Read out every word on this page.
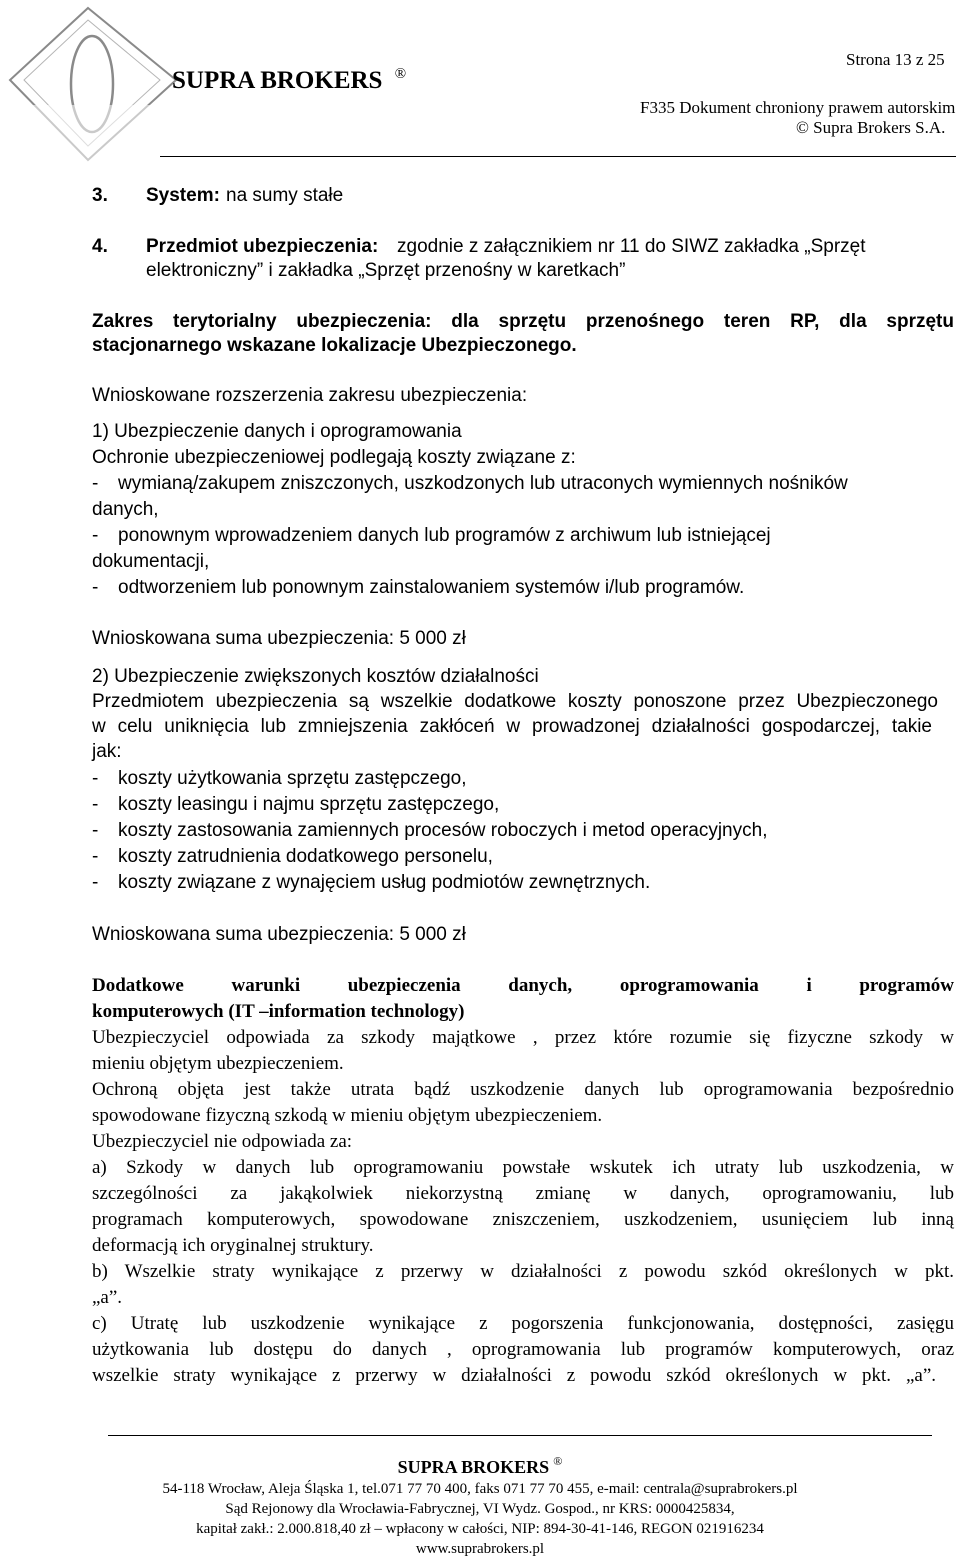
Strona 13 z 25
SUPRA BROKERS ®
F335 Dokument chroniony prawem autorskim
© Supra Brokers S.A.
3. System: na sumy stałe
4. Przedmiot ubezpieczenia: zgodnie z załącznikiem nr 11 do SIWZ zakładka „Sprzęt
elektroniczny” i zakładka „Sprzęt przenośny w karetkach”
Zakres terytorialny ubezpieczenia: dla sprzętu przenośnego teren RP, dla sprzętu
stacjonarnego wskazane lokalizacje Ubezpieczonego.
Wnioskowane rozszerzenia zakresu ubezpieczenia:
1) Ubezpieczenie danych i oprogramowania
Ochronie ubezpieczeniowej podlegają koszty związane z:
- wymianą/zakupem zniszczonych, uszkodzonych lub utraconych wymiennych nośników
danych,
- ponownym wprowadzeniem danych lub programów z archiwum lub istniejącej
dokumentacji,
- odtworzeniem lub ponownym zainstalowaniem systemów i/lub programów.
Wnioskowana suma ubezpieczenia: 5 000 zł
2) Ubezpieczenie zwiększonych kosztów działalności
Przedmiotem ubezpieczenia są wszelkie dodatkowe koszty ponoszone przez Ubezpieczonego
w celu uniknięcia lub zmniejszenia zakłóceń w prowadzonej działalności gospodarczej, takie
jak:
- koszty użytkowania sprzętu zastępczego,
- koszty leasingu i najmu sprzętu zastępczego,
- koszty zastosowania zamiennych procesów roboczych i metod operacyjnych,
- koszty zatrudnienia dodatkowego personelu,
- koszty związane z wynajęciem usług podmiotów zewnętrznych.
Wnioskowana suma ubezpieczenia: 5 000 zł
Dodatkowe warunki ubezpieczenia danych, oprogramowania i programów
komputerowych (IT –information technology)
Ubezpieczyciel odpowiada za szkody majątkowe , przez które rozumie się fizyczne szkody w
mieniu objętym ubezpieczeniem.
Ochroną objęta jest także utrata bądź uszkodzenie danych lub oprogramowania bezpośrednio
spowodowane fizyczną szkodą w mieniu objętym ubezpieczeniem.
Ubezpieczyciel nie odpowiada za:
a) Szkody w danych lub oprogramowaniu powstałe wskutek ich utraty lub uszkodzenia, w
szczególności za jakąkolwiek niekorzystną zmianę w danych, oprogramowaniu, lub
programach komputerowych, spowodowane zniszczeniem, uszkodzeniem, usunięciem lub inną
deformacją ich oryginalnej struktury.
b) Wszelkie straty wynikające z przerwy w działalności z powodu szkód określonych w pkt.
„a”.
c) Utratę lub uszkodzenie wynikające z pogorszenia funkcjonowania, dostępności, zasięgu
użytkowania lub dostępu do danych , oprogramowania lub programów komputerowych, oraz
wszelkie straty wynikające z przerwy w działalności z powodu szkód określonych w pkt. „a”.
SUPRA BROKERS ®
54-118 Wrocław, Aleja Śląska 1, tel.071 77 70 400, faks 071 77 70 455, e-mail: centrala@suprabrokers.pl
Sąd Rejonowy dla Wrocławia-Fabrycznej, VI Wydz. Gospod., nr KRS: 0000425834,
kapitał zakł.: 2.000.818,40 zł – wpłacony w całości, NIP: 894-30-41-146, REGON 021916234
www.suprabrokers.pl
